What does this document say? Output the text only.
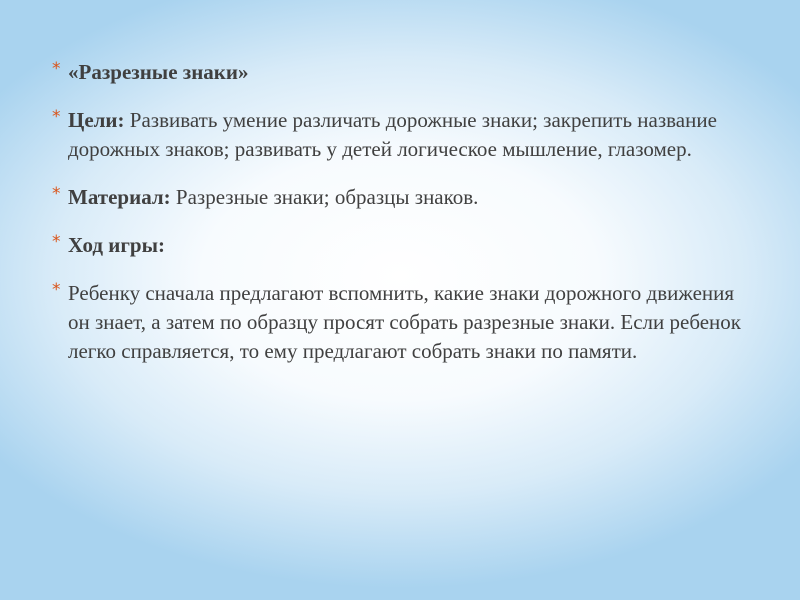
* «Разрезные знаки»
* Цели: Развивать умение различать дорожные знаки; закрепить название дорожных знаков; развивать у детей логическое мышление, глазомер.
* Материал: Разрезные знаки; образцы знаков.
* Ход игры:
* Ребенку сначала предлагают вспомнить, какие знаки дорожного движения он знает, а затем по образцу просят собрать разрезные знаки. Если ребенок легко справляется, то ему предлагают собрать знаки по памяти.
